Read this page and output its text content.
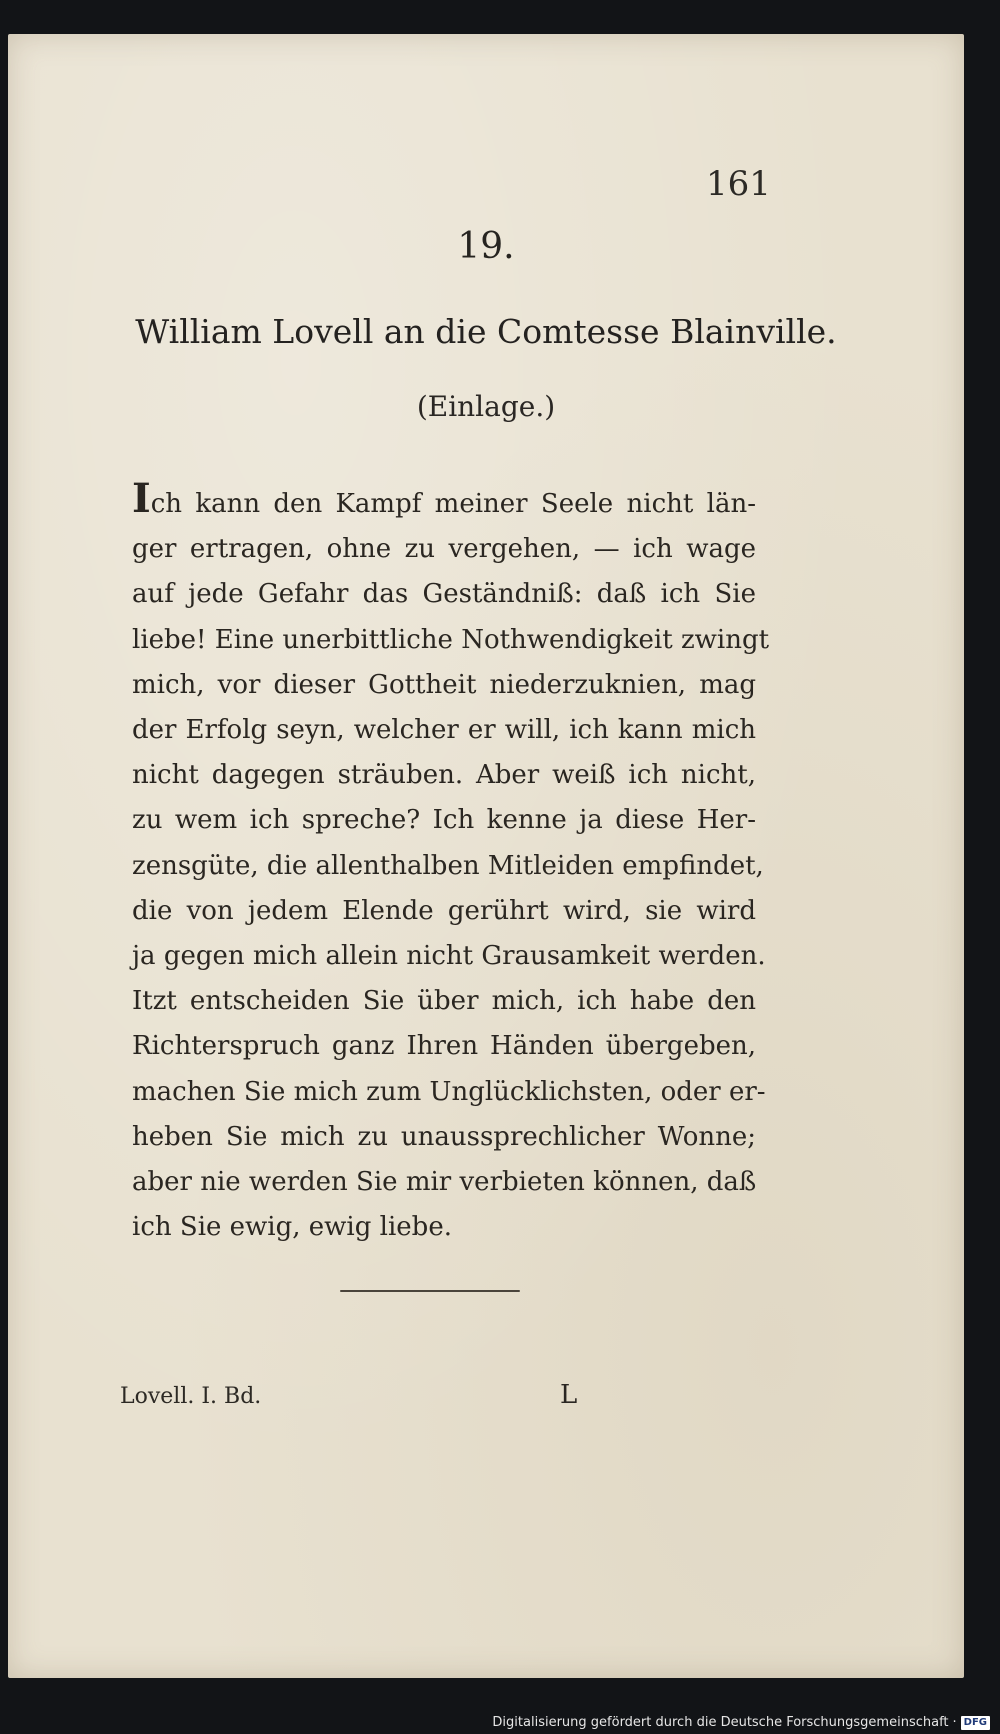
161
19.
William Lovell an die Comtesse Blainville.
(Einlage.)
Ich kann den Kampf meiner Seele nicht län-
ger ertragen, ohne zu vergehen, — ich wage
auf jede Gefahr das Geständniß: daß ich Sie
liebe! Eine unerbittliche Nothwendigkeit zwingt
mich, vor dieser Gottheit niederzuknien, mag
der Erfolg seyn, welcher er will, ich kann mich
nicht dagegen sträuben. Aber weiß ich nicht,
zu wem ich spreche? Ich kenne ja diese Her-
zensgüte, die allenthalben Mitleiden empfindet,
die von jedem Elende gerührt wird, sie wird
ja gegen mich allein nicht Grausamkeit werden.
Itzt entscheiden Sie über mich, ich habe den
Richterspruch ganz Ihren Händen übergeben,
machen Sie mich zum Unglücklichsten, oder er-
heben Sie mich zu unaussprechlicher Wonne;
aber nie werden Sie mir verbieten können, daß
ich Sie ewig, ewig liebe.
Lovell. I. Bd.	L
Digitalisierung gefördert durch die Deutsche Forschungsgemeinschaft · DFG
